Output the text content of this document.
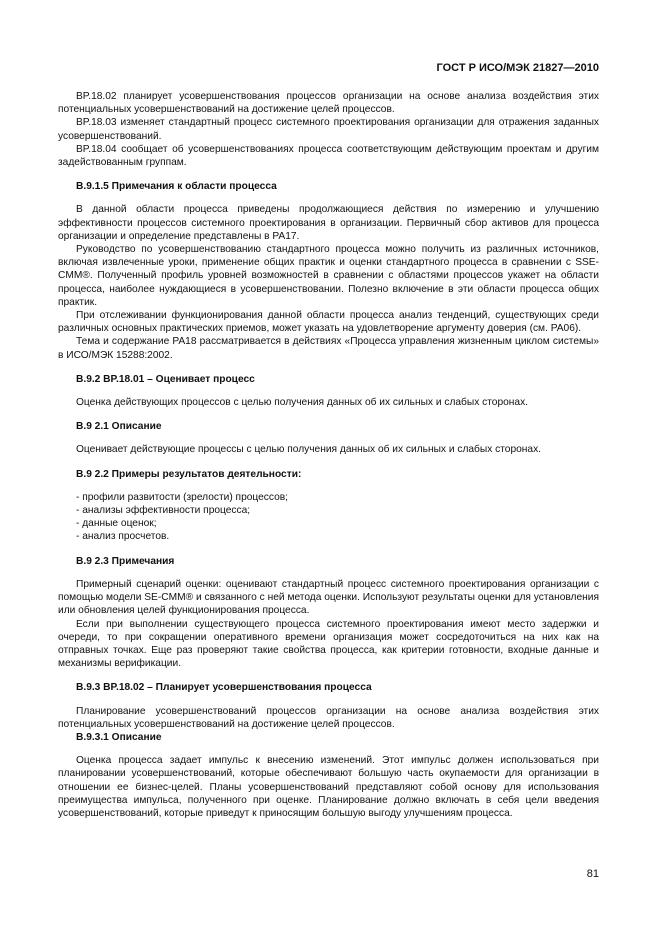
ГОСТ Р ИСО/МЭК 21827—2010

BP.18.02 планирует усовершенствования процессов организации на основе анализа воздействия этих потенциальных усовершенствований на достижение целей процессов.

BP.18.03 изменяет стандартный процесс системного проектирования организации для отражения заданных усовершенствований.

BP.18.04 сообщает об усовершенствованиях процесса соответствующим действующим проектам и другим задействованным группам.

В.9.1.5 Примечания к области процесса

В данной области процесса приведены продолжающиеся действия по измерению и улучшению эффективности процессов системного проектирования в организации. Первичный сбор активов для процесса организации и определение представлены в PA17.

Руководство по усовершенствованию стандартного процесса можно получить из различных источников, включая извлеченные уроки, применение общих практик и оценки стандартного процесса в сравнении с SSE-CMM®. Полученный профиль уровней возможностей в сравнении с областями процессов укажет на области процесса, наиболее нуждающиеся в усовершенствовании. Полезно включение в эти области процесса общих практик.

При отслеживании функционирования данной области процесса анализ тенденций, существующих среди различных основных практических приемов, может указать на удовлетворение аргументу доверия (см. PA06).

Тема и содержание PA18 рассматривается в действиях «Процесса управления жизненным циклом системы» в ИСО/МЭК 15288:2002.

В.9.2 BP.18.01 – Оценивает процесс

Оценка действующих процессов с целью получения данных об их сильных и слабых сторонах.

В.9 2.1 Описание

Оценивает действующие процессы с целью получения данных об их сильных и слабых сторонах.

В.9 2.2 Примеры результатов деятельности:

- профили развитости (зрелости) процессов;

- анализы эффективности процесса;

- данные оценок;

- анализ просчетов.

В.9 2.3 Примечания

Примерный сценарий оценки: оценивают стандартный процесс системного проектирования организации с помощью модели SE-CMM® и связанного с ней метода оценки. Используют результаты оценки для установления или обновления целей функционирования процесса.

Если при выполнении существующего процесса системного проектирования имеют место задержки и очереди, то при сокращении оперативного времени организация может сосредоточиться на них как на отправных точках. Еще раз проверяют такие свойства процесса, как критерии готовности, входные данные и механизмы верификации.

В.9.3 BP.18.02 – Планирует усовершенствования процесса

Планирование усовершенствований процессов организации на основе анализа воздействия этих потенциальных усовершенствований на достижение целей процессов.

В.9.3.1 Описание

Оценка процесса задает импульс к внесению изменений. Этот импульс должен использоваться при планировании усовершенствований, которые обеспечивают большую часть окупаемости для организации в отношении ее бизнес-целей. Планы усовершенствований представляют собой основу для использования преимущества импульса, полученного при оценке. Планирование должно включать в себя цели введения усовершенствований, которые приведут к приносящим большую выгоду улучшениям процесса.

81
